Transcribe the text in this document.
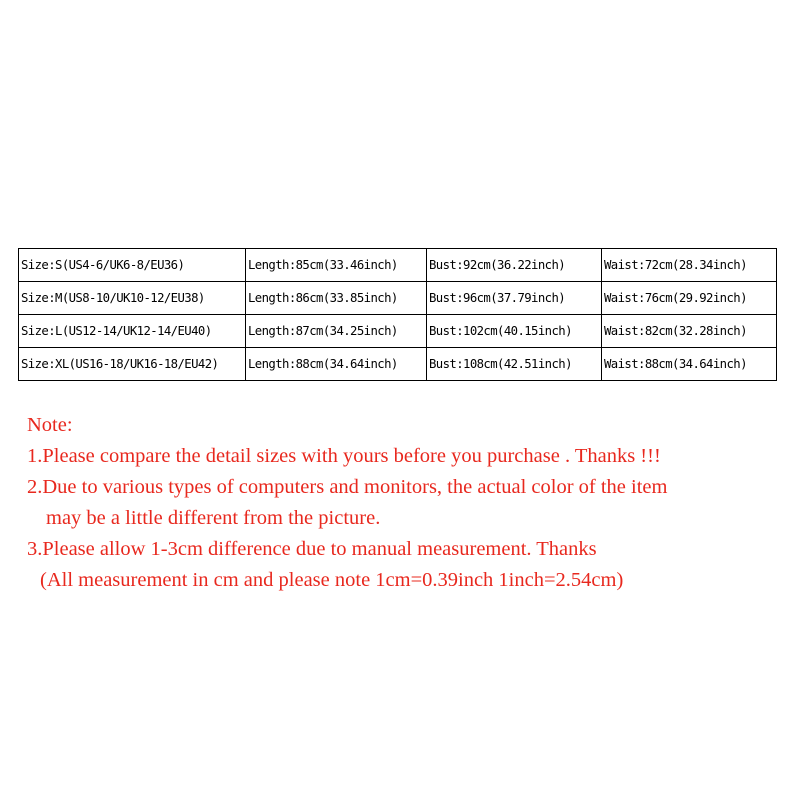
Size:S(US4-6/UK6-8/EU36)	Length:85cm(33.46inch)	Bust:92cm(36.22inch)	Waist:72cm(28.34inch)
Size:M(US8-10/UK10-12/EU38)	Length:86cm(33.85inch)	Bust:96cm(37.79inch)	Waist:76cm(29.92inch)
Size:L(US12-14/UK12-14/EU40)	Length:87cm(34.25inch)	Bust:102cm(40.15inch)	Waist:82cm(32.28inch)
Size:XL(US16-18/UK16-18/EU42)	Length:88cm(34.64inch)	Bust:108cm(42.51inch)	Waist:88cm(34.64inch)
Note:
1.Please compare the detail sizes with yours before you purchase . Thanks !!!
2.Due to various types of computers and monitors, the actual color of the item
may be a little different from the picture.
3.Please allow 1-3cm difference due to manual measurement. Thanks
(All measurement in cm and please note 1cm=0.39inch 1inch=2.54cm)
